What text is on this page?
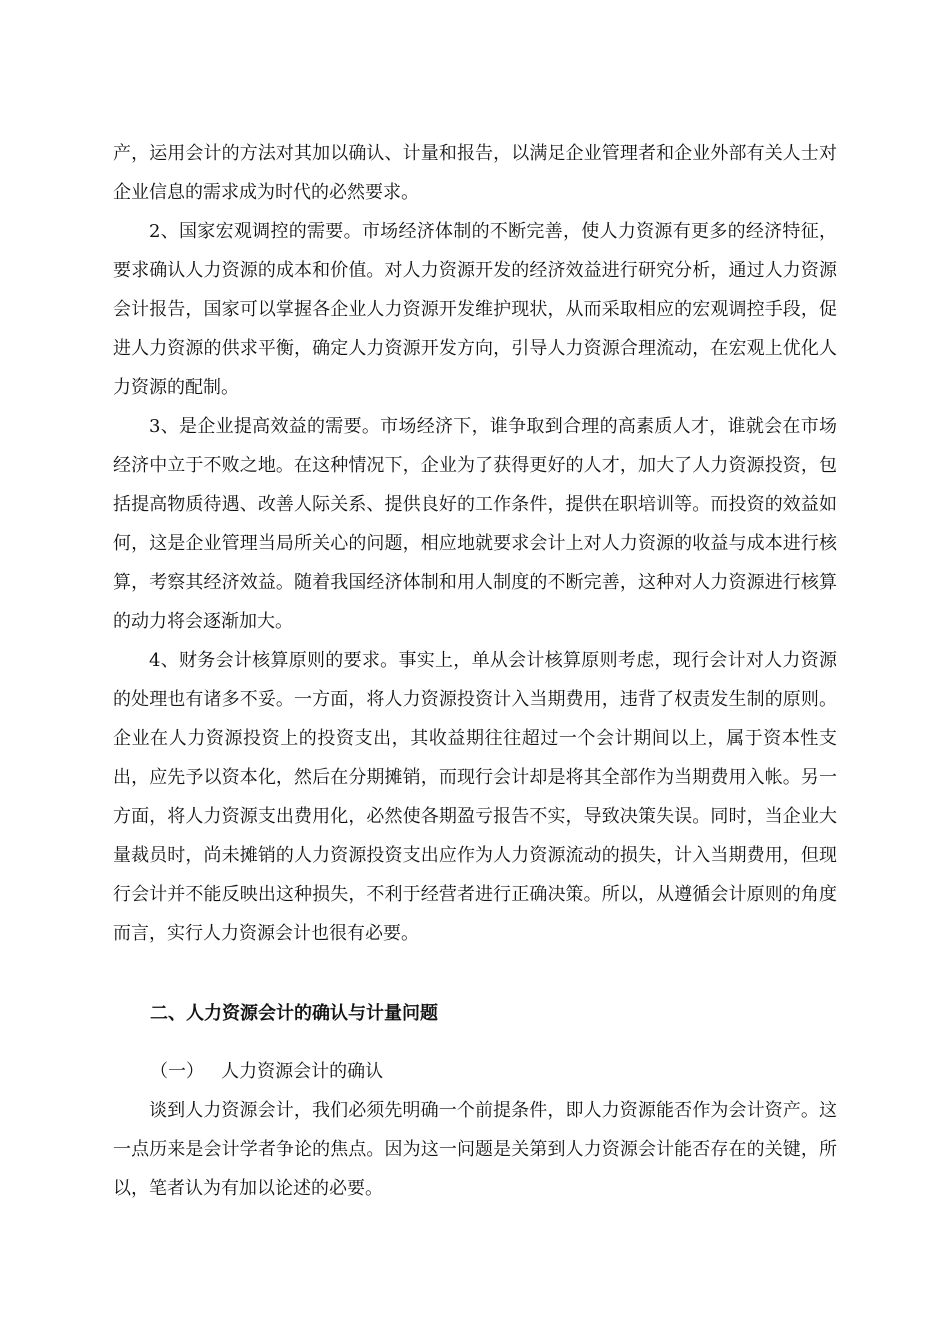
产，运用会计的方法对其加以确认、计量和报告，以满足企业管理者和企业外部有关人士对企业信息的需求成为时代的必然要求。

2、国家宏观调控的需要。市场经济体制的不断完善，使人力资源有更多的经济特征，要求确认人力资源的成本和价值。对人力资源开发的经济效益进行研究分析，通过人力资源会计报告，国家可以掌握各企业人力资源开发维护现状，从而采取相应的宏观调控手段，促进人力资源的供求平衡，确定人力资源开发方向，引导人力资源合理流动，在宏观上优化人力资源的配制。

3、是企业提高效益的需要。市场经济下，谁争取到合理的高素质人才，谁就会在市场经济中立于不败之地。在这种情况下，企业为了获得更好的人才，加大了人力资源投资，包括提高物质待遇、改善人际关系、提供良好的工作条件，提供在职培训等。而投资的效益如何，这是企业管理当局所关心的问题，相应地就要求会计上对人力资源的收益与成本进行核算，考察其经济效益。随着我国经济体制和用人制度的不断完善，这种对人力资源进行核算的动力将会逐渐加大。

4、财务会计核算原则的要求。事实上，单从会计核算原则考虑，现行会计对人力资源的处理也有诸多不妥。一方面，将人力资源投资计入当期费用，违背了权责发生制的原则。企业在人力资源投资上的投资支出，其收益期往往超过一个会计期间以上，属于资本性支出，应先予以资本化，然后在分期摊销，而现行会计却是将其全部作为当期费用入帐。另一方面，将人力资源支出费用化，必然使各期盈亏报告不实，导致决策失误。同时，当企业大量裁员时，尚未摊销的人力资源投资支出应作为人力资源流动的损失，计入当期费用，但现行会计并不能反映出这种损失，不利于经营者进行正确决策。所以，从遵循会计原则的角度而言，实行人力资源会计也很有必要。

二、人力资源会计的确认与计量问题
（一）   人力资源会计的确认

谈到人力资源会计，我们必须先明确一个前提条件，即人力资源能否作为会计资产。这一点历来是会计学者争论的焦点。因为这一问题是关第到人力资源会计能否存在的关键，所以，笔者认为有加以论述的必要。
